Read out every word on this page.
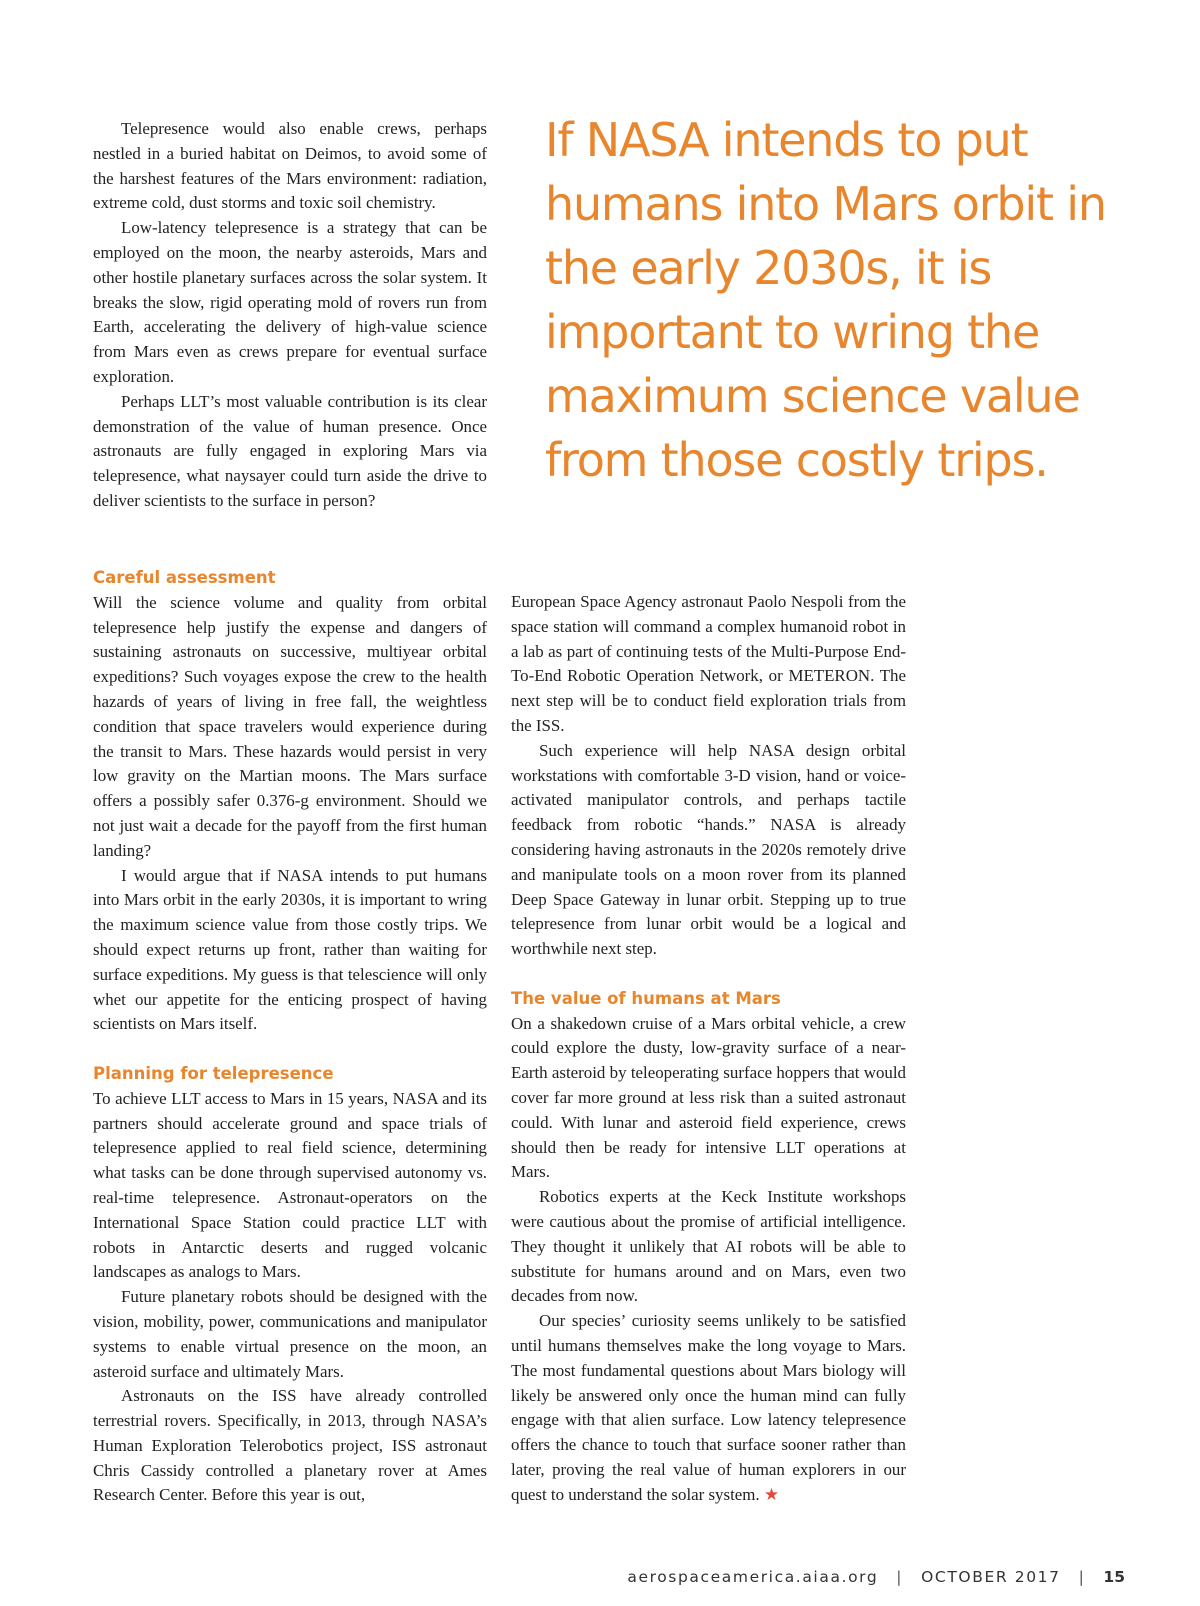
Telepresence would also enable crews, perhaps nestled in a buried habitat on Deimos, to avoid some of the harshest features of the Mars environment: radiation, extreme cold, dust storms and toxic soil chemistry.

Low-latency telepresence is a strategy that can be employed on the moon, the nearby asteroids, Mars and other hostile planetary surfaces across the solar system. It breaks the slow, rigid operating mold of rovers run from Earth, accelerating the delivery of high-value science from Mars even as crews prepare for eventual surface exploration.

Perhaps LLT’s most valuable contribution is its clear demonstration of the value of human presence. Once astronauts are fully engaged in exploring Mars via telepresence, what naysayer could turn aside the drive to deliver scientists to the surface in person?

If NASA intends to put humans into Mars orbit in the early 2030s, it is important to wring the maximum science value from those costly trips.
Careful assessment

Will the science volume and quality from orbital telepresence help justify the expense and dangers of sustaining astronauts on successive, multiyear orbital expeditions? Such voyages expose the crew to the health hazards of years of living in free fall, the weightless condition that space travelers would experience during the transit to Mars. These hazards would persist in very low gravity on the Martian moons. The Mars surface offers a possibly safer 0.376-g environment. Should we not just wait a decade for the payoff from the first human landing?

I would argue that if NASA intends to put humans into Mars orbit in the early 2030s, it is important to wring the maximum science value from those costly trips. We should expect returns up front, rather than waiting for surface expeditions. My guess is that telescience will only whet our appetite for the enticing prospect of having scientists on Mars itself.

Planning for telepresence

To achieve LLT access to Mars in 15 years, NASA and its partners should accelerate ground and space trials of telepresence applied to real field science, determining what tasks can be done through supervised autonomy vs. real-time telepresence. Astronaut-operators on the International Space Station could practice LLT with robots in Antarctic deserts and rugged volcanic landscapes as analogs to Mars.

Future planetary robots should be designed with the vision, mobility, power, communications and manipulator systems to enable virtual presence on the moon, an asteroid surface and ultimately Mars.

Astronauts on the ISS have already controlled terrestrial rovers. Specifically, in 2013, through NASA’s Human Exploration Telerobotics project, ISS astronaut Chris Cassidy controlled a planetary rover at Ames Research Center. Before this year is out,

European Space Agency astronaut Paolo Nespoli from the space station will command a complex humanoid robot in a lab as part of continuing tests of the Multi-Purpose End-To-End Robotic Operation Network, or METERON. The next step will be to conduct field exploration trials from the ISS.

Such experience will help NASA design orbital workstations with comfortable 3-D vision, hand or voice-activated manipulator controls, and perhaps tactile feedback from robotic “hands.” NASA is already considering having astronauts in the 2020s remotely drive and manipulate tools on a moon rover from its planned Deep Space Gateway in lunar orbit. Stepping up to true telepresence from lunar orbit would be a logical and worthwhile next step.

The value of humans at Mars

On a shakedown cruise of a Mars orbital vehicle, a crew could explore the dusty, low-gravity surface of a near-Earth asteroid by teleoperating surface hoppers that would cover far more ground at less risk than a suited astronaut could. With lunar and asteroid field experience, crews should then be ready for intensive LLT operations at Mars.

Robotics experts at the Keck Institute workshops were cautious about the promise of artificial intelligence. They thought it unlikely that AI robots will be able to substitute for humans around and on Mars, even two decades from now.

Our species’ curiosity seems unlikely to be satisfied until humans themselves make the long voyage to Mars. The most fundamental questions about Mars biology will likely be answered only once the human mind can fully engage with that alien surface. Low latency telepresence offers the chance to touch that surface sooner rather than later, proving the real value of human explorers in our quest to understand the solar system. ★

aerospaceamerica.aiaa.org | OCTOBER 2017 | 15
